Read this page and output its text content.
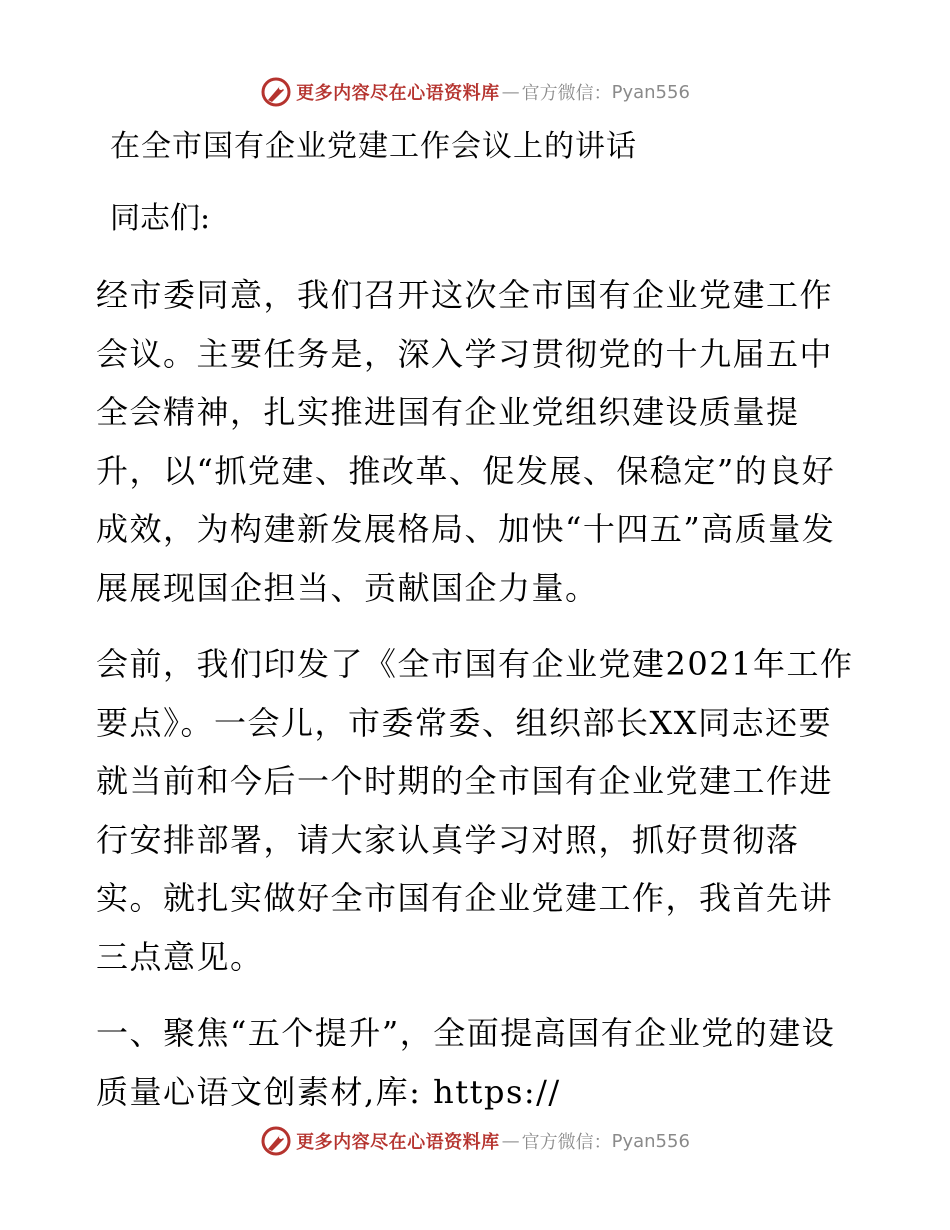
更多内容尽在心语资料库 — 官方微信： Pyan556

在全市国有企业党建工作会议上的讲话

同志们:

经市委同意，我们召开这次全市国有企业党建工作会议。主要任务是，深入学习贯彻党的十九届五中全会精神，扎实推进国有企业党组织建设质量提升，以“抓党建、推改革、促发展、保稳定”的良好成效，为构建新发展格局、加快“十四五”高质量发展展现国企担当、贡献国企力量。

会前，我们印发了《全市国有企业党建2021年工作要点》。一会儿，市委常委、组织部长XX同志还要就当前和今后一个时期的全市国有企业党建工作进行安排部署，请大家认真学习对照，抓好贯彻落实。就扎实做好全市国有企业党建工作，我首先讲三点意见。

一、聚焦“五个提升”，全面提高国有企业党的建设质量心语文创素材,库: https://

更多内容尽在心语资料库 — 官方微信： Pyan556
